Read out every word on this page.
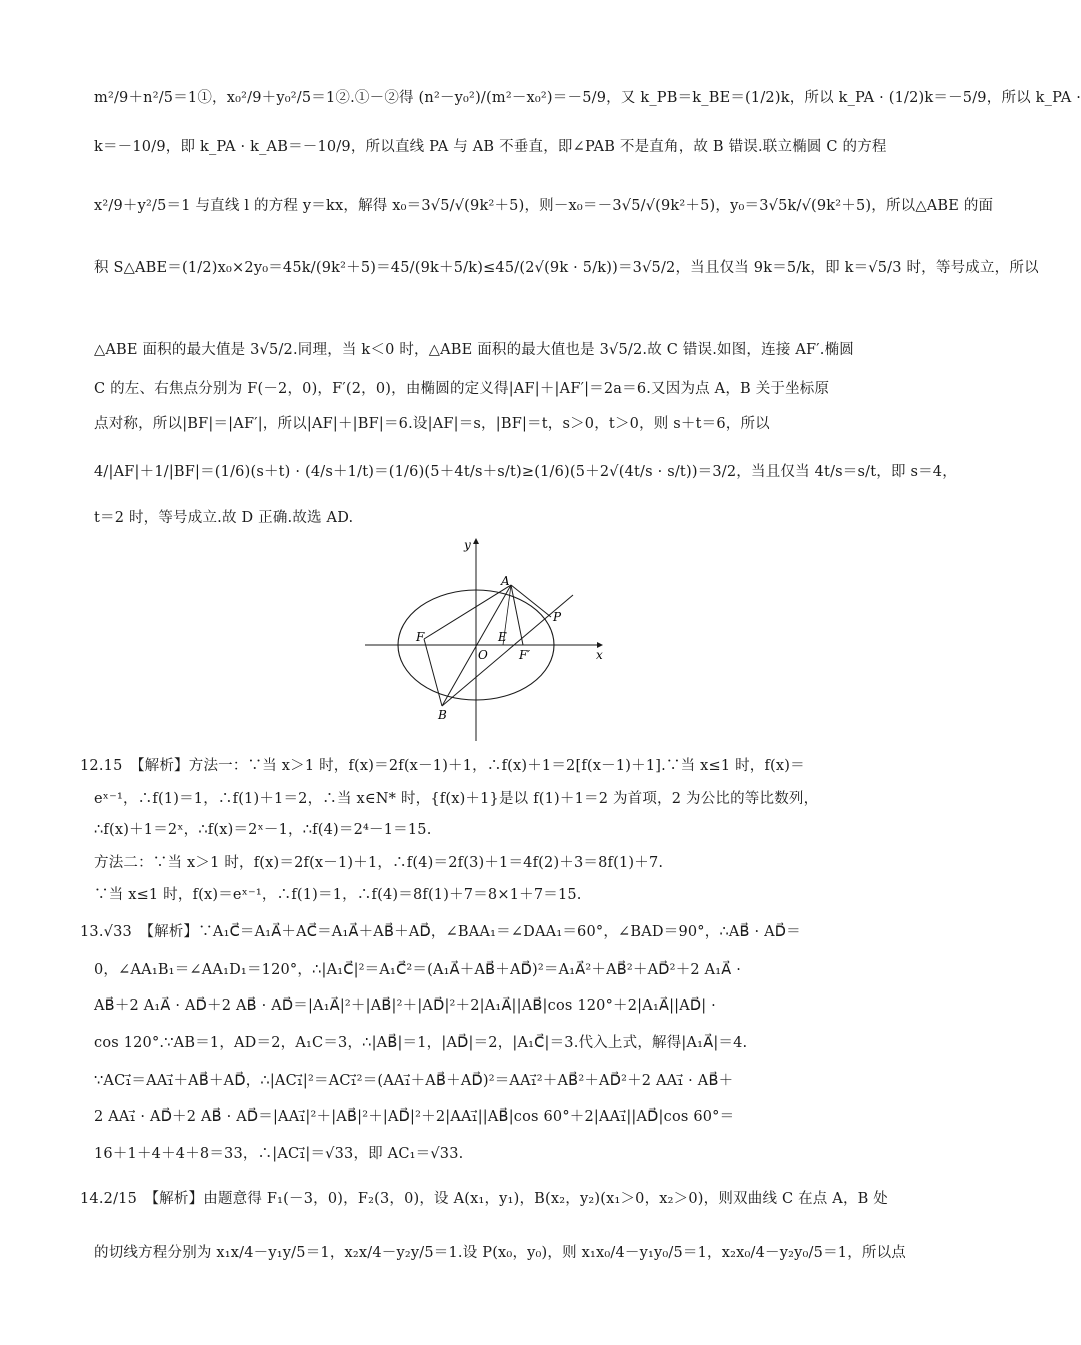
m²/9＋n²/5＝1①，x₀²/9＋y₀²/5＝1②.①－②得 (n²－y₀²)/(m²－x₀²)＝－5/9，又 k_PB＝k_BE＝(1/2)k，所以 k_PA · (1/2)k＝－5/9，所以 k_PA ·
k＝－10/9，即 k_PA · k_AB＝－10/9，所以直线 PA 与 AB 不垂直，即∠PAB 不是直角，故 B 错误.联立椭圆 C 的方程
x²/9＋y²/5＝1 与直线 l 的方程 y＝kx，解得 x₀＝3√5/√(9k²＋5)，则－x₀＝－3√5/√(9k²＋5)，y₀＝3√5k/√(9k²＋5)，所以△ABE 的面
积 S△ABE＝(1/2)x₀×2y₀＝45k/(9k²＋5)＝45/(9k＋5/k)≤45/(2√(9k · 5/k))＝3√5/2，当且仅当 9k＝5/k，即 k＝√5/3 时，等号成立，所以
△ABE 面积的最大值是 3√5/2.同理，当 k＜0 时，△ABE 面积的最大值也是 3√5/2.故 C 错误.如图，连接 AF′.椭圆
C 的左、右焦点分别为 F(－2，0)，F′(2，0)，由椭圆的定义得|AF|＋|AF′|＝2a＝6.又因为点 A，B 关于坐标原
点对称，所以|BF|＝|AF′|，所以|AF|＋|BF|＝6.设|AF|＝s，|BF|＝t，s＞0，t＞0，则 s＋t＝6，所以
4/|AF|＋1/|BF|＝(1/6)(s＋t) · (4/s＋1/t)＝(1/6)(5＋4t/s＋s/t)≥(1/6)(5＋2√(4t/s · s/t))＝3/2，当且仅当 4t/s＝s/t，即 s＝4，
t＝2 时，等号成立.故 D 正确.故选 AD.
y
x
A
P
F	E
O	F′
B
12.15　【解析】方法一：∵当 x＞1 时，f(x)＝2f(x－1)＋1，∴f(x)＋1＝2[f(x－1)＋1].∵当 x≤1 时，f(x)＝
eˣ⁻¹，∴f(1)＝1，∴f(1)＋1＝2，∴当 x∈N* 时，{f(x)＋1}是以 f(1)＋1＝2 为首项，2 为公比的等比数列，
∴f(x)＋1＝2ˣ，∴f(x)＝2ˣ－1，∴f(4)＝2⁴－1＝15.
方法二：∵当 x＞1 时，f(x)＝2f(x－1)＋1，∴f(4)＝2f(3)＋1＝4f(2)＋3＝8f(1)＋7.
∵当 x≤1 时，f(x)＝eˣ⁻¹，∴f(1)＝1，∴f(4)＝8f(1)＋7＝8×1＋7＝15.
13.√33　【解析】∵A₁C⃗＝A₁A⃗＋AC⃗＝A₁A⃗＋AB⃗＋AD⃗，∠BAA₁＝∠DAA₁＝60°，∠BAD＝90°，∴AB⃗ · AD⃗＝
0，∠AA₁B₁＝∠AA₁D₁＝120°，∴|A₁C⃗|²＝A₁C⃗²＝(A₁A⃗＋AB⃗＋AD⃗)²＝A₁A⃗²＋AB⃗²＋AD⃗²＋2 A₁A⃗ ·
AB⃗＋2 A₁A⃗ · AD⃗＋2 AB⃗ · AD⃗＝|A₁A⃗|²＋|AB⃗|²＋|AD⃗|²＋2|A₁A⃗||AB⃗|cos 120°＋2|A₁A⃗||AD⃗| ·
cos 120°.∵AB＝1，AD＝2，A₁C＝3，∴|AB⃗|＝1，|AD⃗|＝2，|A₁C⃗|＝3.代入上式，解得|A₁A⃗|＝4.
∵AC₁⃗＝AA₁⃗＋AB⃗＋AD⃗，∴|AC₁⃗|²＝AC₁⃗²＝(AA₁⃗＋AB⃗＋AD⃗)²＝AA₁⃗²＋AB⃗²＋AD⃗²＋2 AA₁⃗ · AB⃗＋
2 AA₁⃗ · AD⃗＋2 AB⃗ · AD⃗＝|AA₁⃗|²＋|AB⃗|²＋|AD⃗|²＋2|AA₁⃗||AB⃗|cos 60°＋2|AA₁⃗||AD⃗|cos 60°＝
16＋1＋4＋4＋8＝33，∴|AC₁⃗|＝√33，即 AC₁＝√33.
14.2/15　【解析】由题意得 F₁(－3，0)，F₂(3，0)，设 A(x₁，y₁)，B(x₂，y₂)(x₁＞0，x₂＞0)，则双曲线 C 在点 A，B 处
的切线方程分别为 x₁x/4－y₁y/5＝1，x₂x/4－y₂y/5＝1.设 P(x₀，y₀)，则 x₁x₀/4－y₁y₀/5＝1，x₂x₀/4－y₂y₀/5＝1，所以点
